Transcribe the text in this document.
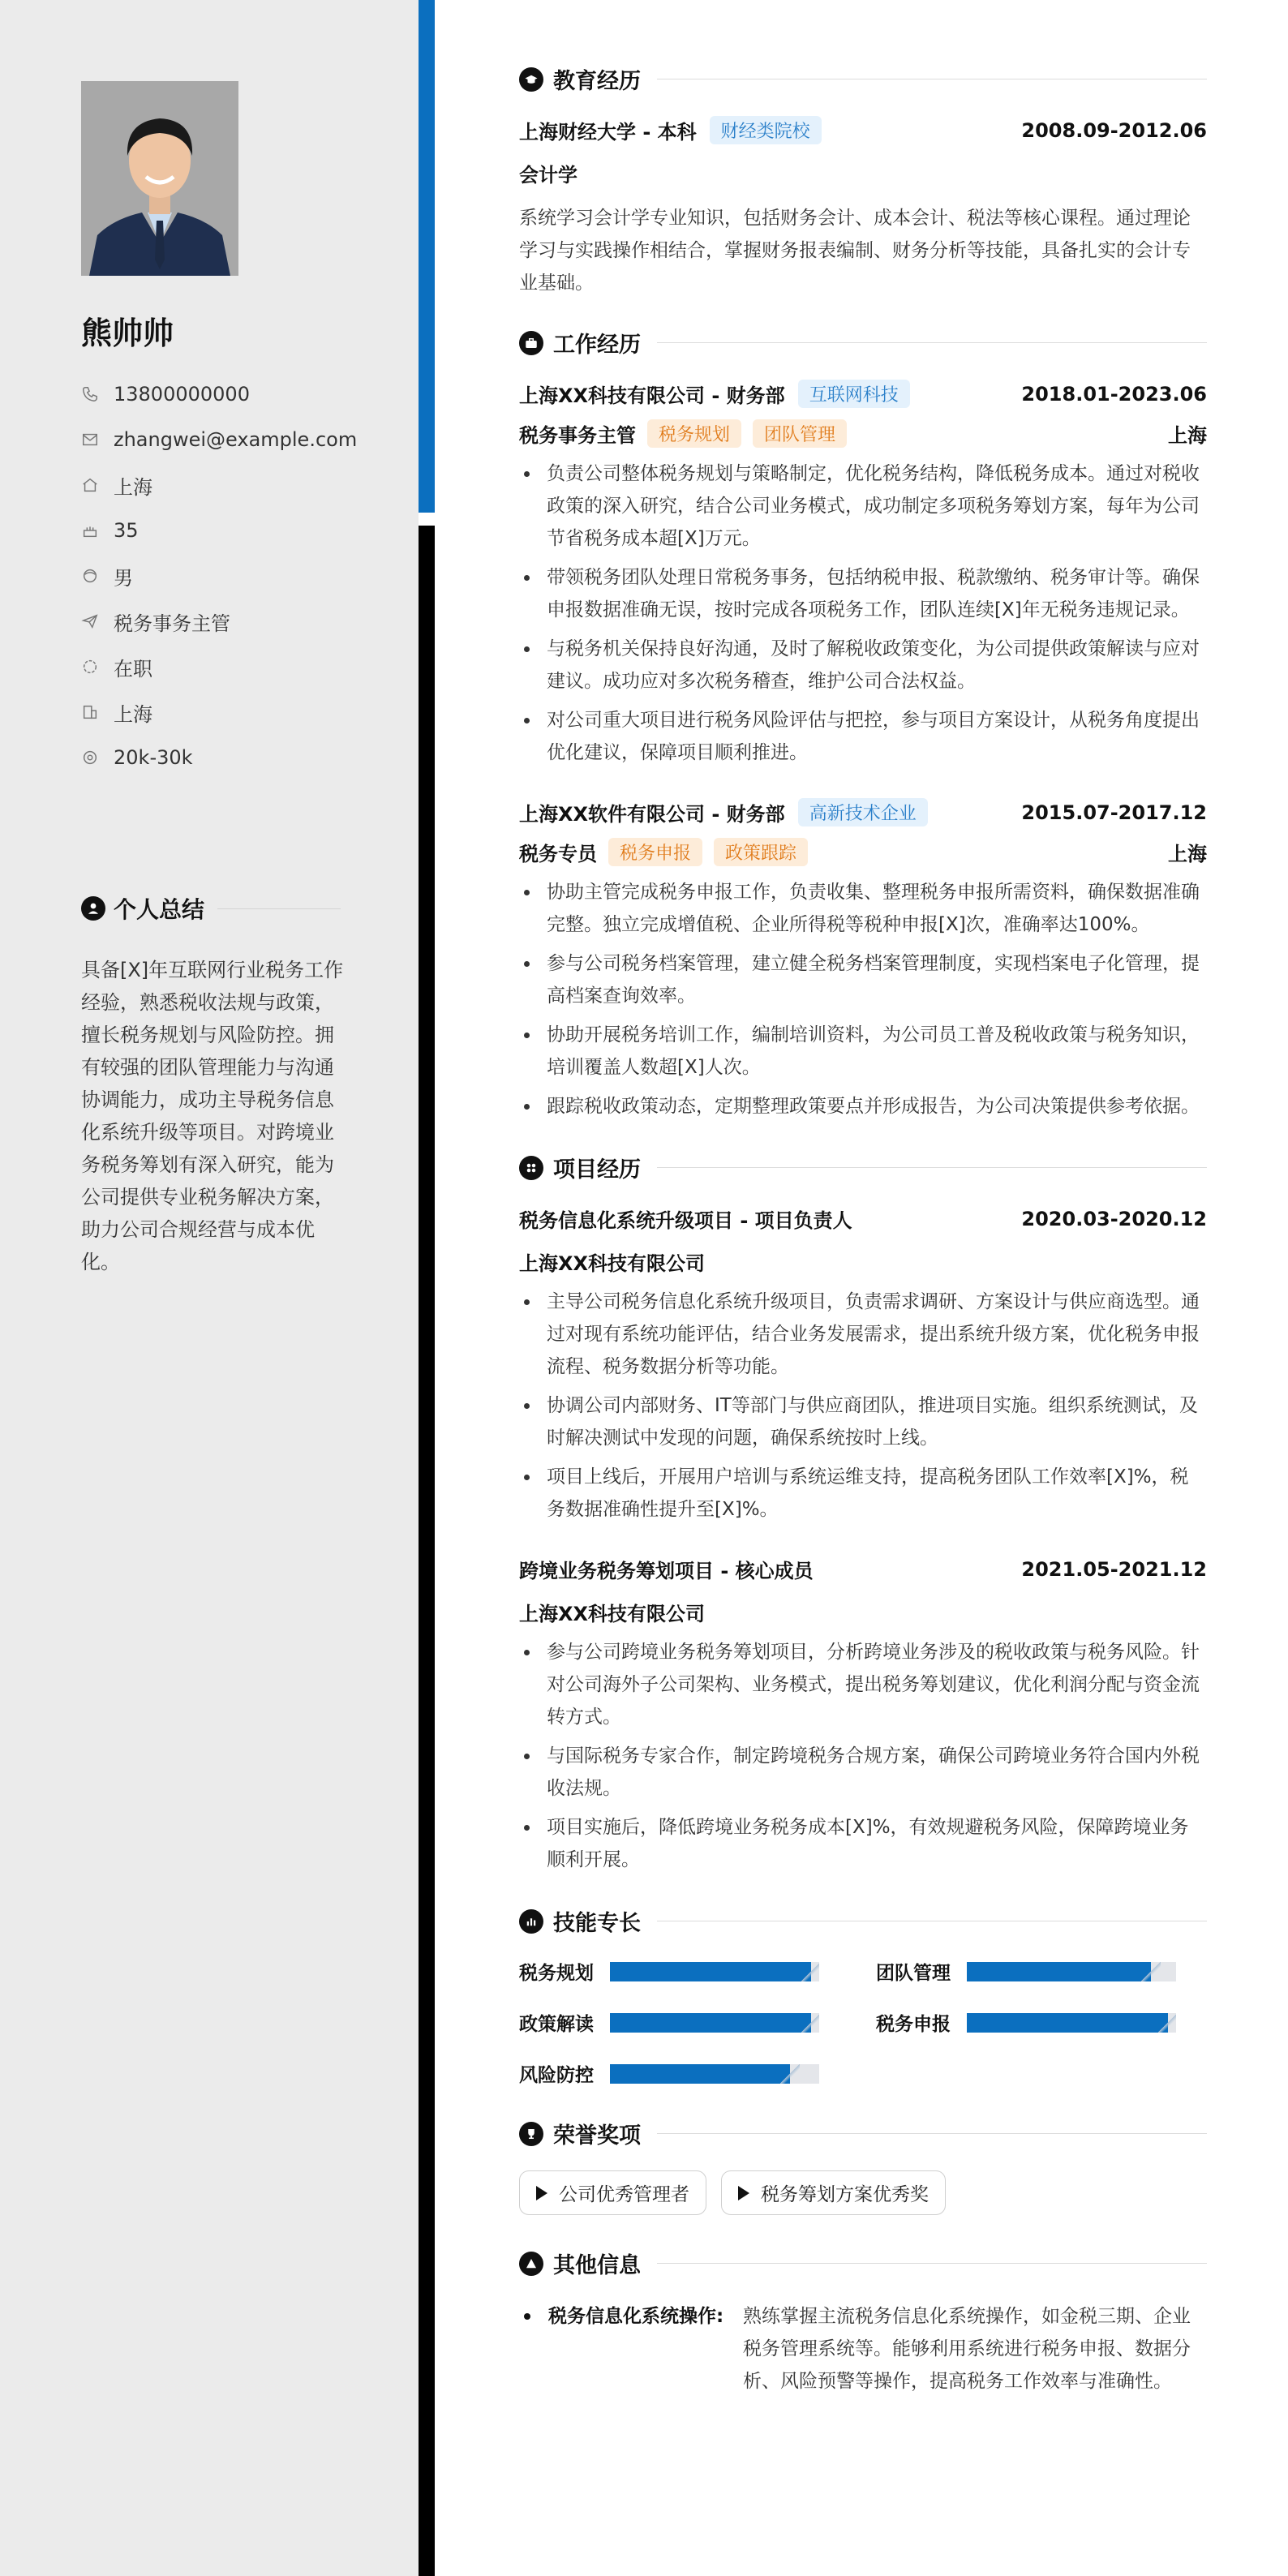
熊帅帅
13800000000
zhangwei@example.com
上海
35
男
税务事务主管
在职
上海
20k-30k
个人总结
具备[X]年互联网行业税务工作经验，熟悉税收法规与政策，擅长税务规划与风险防控。拥有较强的团队管理能力与沟通协调能力，成功主导税务信息化系统升级等项目。对跨境业务税务筹划有深入研究，能为公司提供专业税务解决方案，助力公司合规经营与成本优化。
教育经历
上海财经大学 - 本科	财经类院校	2008.09-2012.06
会计学
系统学习会计学专业知识，包括财务会计、成本会计、税法等核心课程。通过理论学习与实践操作相结合，掌握财务报表编制、财务分析等技能，具备扎实的会计专业基础。
工作经历
上海XX科技有限公司 - 财务部	互联网科技	2018.01-2023.06
税务事务主管	税务规划	团队管理	上海
负责公司整体税务规划与策略制定，优化税务结构，降低税务成本。通过对税收政策的深入研究，结合公司业务模式，成功制定多项税务筹划方案，每年为公司节省税务成本超[X]万元。
带领税务团队处理日常税务事务，包括纳税申报、税款缴纳、税务审计等。确保申报数据准确无误，按时完成各项税务工作，团队连续[X]年无税务违规记录。
与税务机关保持良好沟通，及时了解税收政策变化，为公司提供政策解读与应对建议。成功应对多次税务稽查，维护公司合法权益。
对公司重大项目进行税务风险评估与把控，参与项目方案设计，从税务角度提出优化建议，保障项目顺利推进。
上海XX软件有限公司 - 财务部	高新技术企业	2015.07-2017.12
税务专员	税务申报	政策跟踪	上海
协助主管完成税务申报工作，负责收集、整理税务申报所需资料，确保数据准确完整。独立完成增值税、企业所得税等税种申报[X]次，准确率达100%。
参与公司税务档案管理，建立健全税务档案管理制度，实现档案电子化管理，提高档案查询效率。
协助开展税务培训工作，编制培训资料，为公司员工普及税收政策与税务知识，培训覆盖人数超[X]人次。
跟踪税收政策动态，定期整理政策要点并形成报告，为公司决策提供参考依据。
项目经历
税务信息化系统升级项目 - 项目负责人	2020.03-2020.12
上海XX科技有限公司
主导公司税务信息化系统升级项目，负责需求调研、方案设计与供应商选型。通过对现有系统功能评估，结合业务发展需求，提出系统升级方案，优化税务申报流程、税务数据分析等功能。
协调公司内部财务、IT等部门与供应商团队，推进项目实施。组织系统测试，及时解决测试中发现的问题，确保系统按时上线。
项目上线后，开展用户培训与系统运维支持，提高税务团队工作效率[X]%，税务数据准确性提升至[X]%。
跨境业务税务筹划项目 - 核心成员	2021.05-2021.12
上海XX科技有限公司
参与公司跨境业务税务筹划项目，分析跨境业务涉及的税收政策与税务风险。针对公司海外子公司架构、业务模式，提出税务筹划建议，优化利润分配与资金流转方式。
与国际税务专家合作，制定跨境税务合规方案，确保公司跨境业务符合国内外税收法规。
项目实施后，降低跨境业务税务成本[X]%，有效规避税务风险，保障跨境业务顺利开展。
技能专长
税务规划	团队管理
政策解读	税务申报
风险防控
荣誉奖项
公司优秀管理者	税务筹划方案优秀奖
其他信息
税务信息化系统操作:	熟练掌握主流税务信息化系统操作，如金税三期、企业税务管理系统等。能够利用系统进行税务申报、数据分析、风险预警等操作，提高税务工作效率与准确性。
